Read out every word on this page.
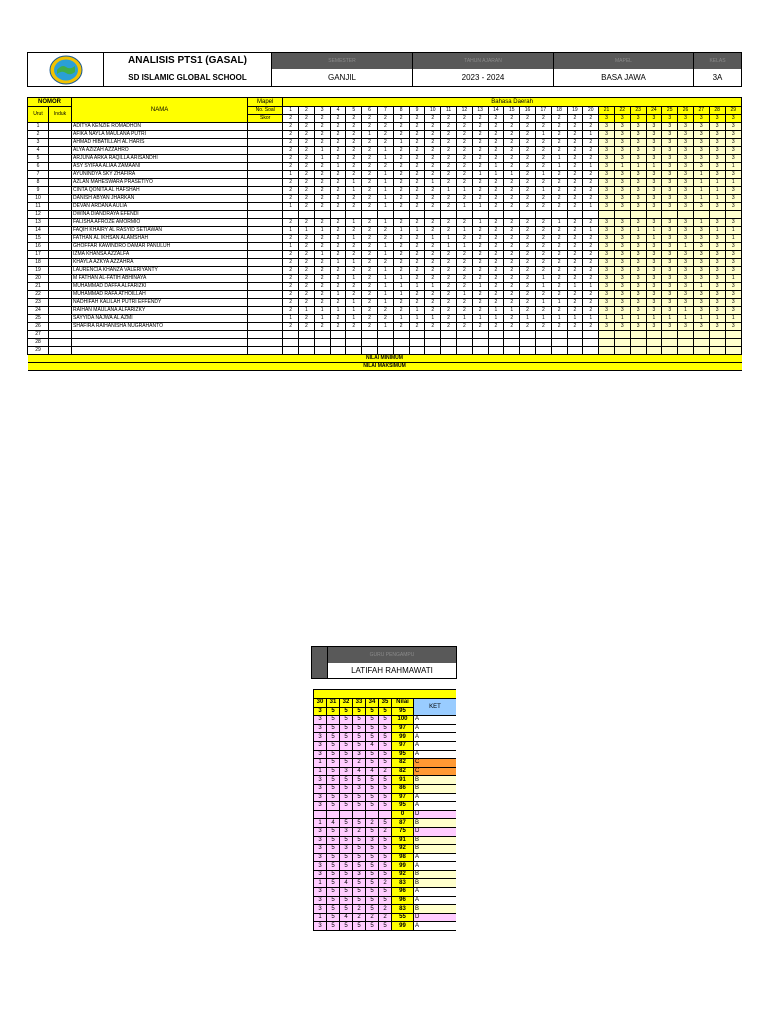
ANALISIS PTS1 (GASAL)
SD ISLAMIC GLOBAL SCHOOL
SEMESTER
GANJIL
TAHUN AJARAN
2023 - 2024
MAPEL
BASA JAWA
KELAS
3A
NOMOR		NAMA	Mapel	Bahasa Daerah																												
Urut	Induk		No. Soal	1	2	3	4	5	6	7	8	9	10	11	12	13	14	15	16	17	18	19	20	21	22	23	24	25	26	27	28	29
			Skor	2	2	2	2	2	2	2	2	2	2	2	2	2	2	2	2	2	2	2	2	3	3	3	3	3	3	3	3	3
1		ADITYA KENZIE ROMADHON		2	2	2	2	2	2	2	2	2	2	2	2	2	2	2	2	2	2	2	2	3	3	3	3	3	3	3	3	3
2		AFIKA NAYLA MAULANA PUTRI		2	2	2	2	2	1	2	2	2	2	2	2	2	2	2	2	1	2	2	1	3	3	3	3	3	3	3	3	3
3		AHMAD HIBATILLAH AL HARIS		2	2	2	2	2	2	2	1	2	2	2	2	2	2	2	2	2	2	2	2	3	3	3	3	3	3	3	3	3
4		ALYA AZIZAH AZZAHRO		2	2	1	2	2	2	1	2	2	2	2	2	2	2	2	2	2	2	2	2	3	3	3	3	3	3	3	3	3
5		ARJUNA ARKA RAQILLA ARISANDHI		2	2	1	2	2	2	1	2	2	2	2	2	2	2	2	2	2	1	2	2	3	3	3	3	3	3	3	3	3
6		ASY SYIFAA ALIAA ZAMAANI		2	2	2	1	2	2	2	2	2	2	2	2	2	1	2	2	2	1	2	1	3	1	1	1	3	3	3	3	1
7		AYUNINDYA SKY ZHAFIRA		1	2	2	2	2	2	1	2	2	2	2	2	1	1	1	2	1	2	2	2	3	3	3	3	3	3	1	3	3
8		AZLAN MAHESWARA PRASETIYO		2	2	2	2	1	2	1	2	2	1	2	2	2	2	2	2	2	2	2	2	3	3	3	3	3	3	1	1	1
9		CINTA QONITA AL HAFSHAH		2	2	2	2	1	2	1	2	2	2	1	1	2	2	2	2	1	2	2	2	3	3	3	3	3	3	1	1	3
10		DANISH ABYAN JHARKAN		2	2	2	2	2	2	1	2	2	2	2	2	2	2	2	2	2	2	2	2	3	3	3	3	3	3	1	1	3
11		DEVAN ARDANA AULIA		1	2	2	2	2	2	1	2	2	2	2	1	1	2	2	2	2	2	2	1	3	3	3	3	3	3	3	3	3
12		DWINA DIANDRAYA EFENDI																														
13		FALISHA AFROZE AMORMIO		2	2	2	2	1	2	1	2	2	2	2	2	1	2	2	2	2	1	2	2	3	3	3	3	3	3	1	3	3
14		FAQIH KHAIRY AL RASYID SETIAWAN		1	1	1	2	2	2	2	1	1	2	2	1	2	2	2	2	2	2	2	1	3	3	1	1	3	3	3	1	1
15		FATHAN AL IKHSAN ALAMSHAH		2	2	2	2	1	2	2	2	2	1	1	2	2	2	2	2	2	2	2	2	3	3	3	1	3	3	3	3	1
16		GHOFFAR KAWINDRO DAMAR PANULUH		1	2	2	2	2	2	1	2	2	2	1	1	2	2	2	2	2	2	2	2	3	3	3	3	3	1	3	3	3
17		IZMA KHANSA AZZALFA		2	2	1	2	2	2	1	2	2	2	2	2	2	2	2	2	2	2	2	2	3	3	3	3	3	3	3	3	3
18		KHAYLA AZKYA AZZAHRA		2	2	2	1	1	2	2	2	2	2	2	2	2	2	2	2	2	2	2	2	3	3	3	3	3	3	3	3	3
19		LAURENCIA KHANZA VALERIYANTY		2	2	2	2	2	2	1	2	2	2	2	2	2	2	2	2	2	2	2	2	3	3	3	3	3	3	3	3	3
20		M FATHAN AL-FATIH ABHINAYA		2	2	2	2	1	2	1	1	2	2	2	2	2	2	2	2	1	2	2	2	3	3	3	3	3	3	3	3	1
21		MUHAMMAD DAFFA ALFARIZKI		2	2	2	2	2	2	1	1	1	1	2	2	1	2	2	2	1	2	1	1	3	3	3	3	3	3	1	3	3
22		MUHAMMAD RAFA ATHOILLAH		2	2	2	1	2	2	1	1	2	2	2	1	2	2	2	2	2	2	2	2	3	3	3	3	3	3	3	3	3
23		NADHIFAH KALILAH PUTRI EFFENDY		2	2	2	2	1	2	1	2	2	2	2	2	2	2	2	2	1	1	2	2	3	3	3	3	3	3	3	3	3
24		RAIHAN MAULANA ALFARIZKY		2	1	1	1	1	2	2	2	1	2	2	2	2	1	1	2	2	2	2	2	3	3	3	3	3	1	3	3	3
25		SAYYIDA NAJWA AL AZMI		1	2	1	2	1	2	2	1	1	1	2	1	1	1	2	1	1	1	1	1	1	1	1	1	1	1	1	1	1
26		SHAFIRA RAIHANISHA NUGRAHANTO		2	2	2	2	2	2	1	2	2	2	2	2	2	2	2	2	2	2	2	2	3	3	3	3	3	3	3	3	3
27																																
28																																
29																																
NILAI MINIMUM																																
NILAI MAKSIMUM																																
GURU PENGAMPU
LATIFAH RAHMAWATI

30	31	32	33	34	35	Nilai	KET
3	5	5	5	5	5	95	
3	5	5	5	5	5	100	A
3	5	5	5	5	5	97	A
3	5	5	5	5	5	99	A
3	5	5	5	4	5	97	A
3	5	5	3	5	5	95	A
1	5	5	2	5	5	82	C
1	5	3	4	4	2	82	C
3	5	5	5	5	5	91	B
3	5	5	3	5	5	86	B
3	5	5	5	5	5	97	A
3	5	5	5	5	5	95	A
						0	D
1	4	5	5	2	5	87	B
3	5	3	2	5	2	75	D
3	5	5	5	3	5	91	B
3	5	3	5	5	5	92	B
3	5	5	5	5	5	98	A
3	5	5	5	5	5	99	A
3	5	5	3	5	5	92	B
1	5	4	5	5	2	83	B
3	5	5	5	5	5	96	A
3	5	5	5	5	5	96	A
3	5	5	2	5	2	83	B
1	5	4	2	2	2	55	D
3	5	5	5	5	5	99	A
